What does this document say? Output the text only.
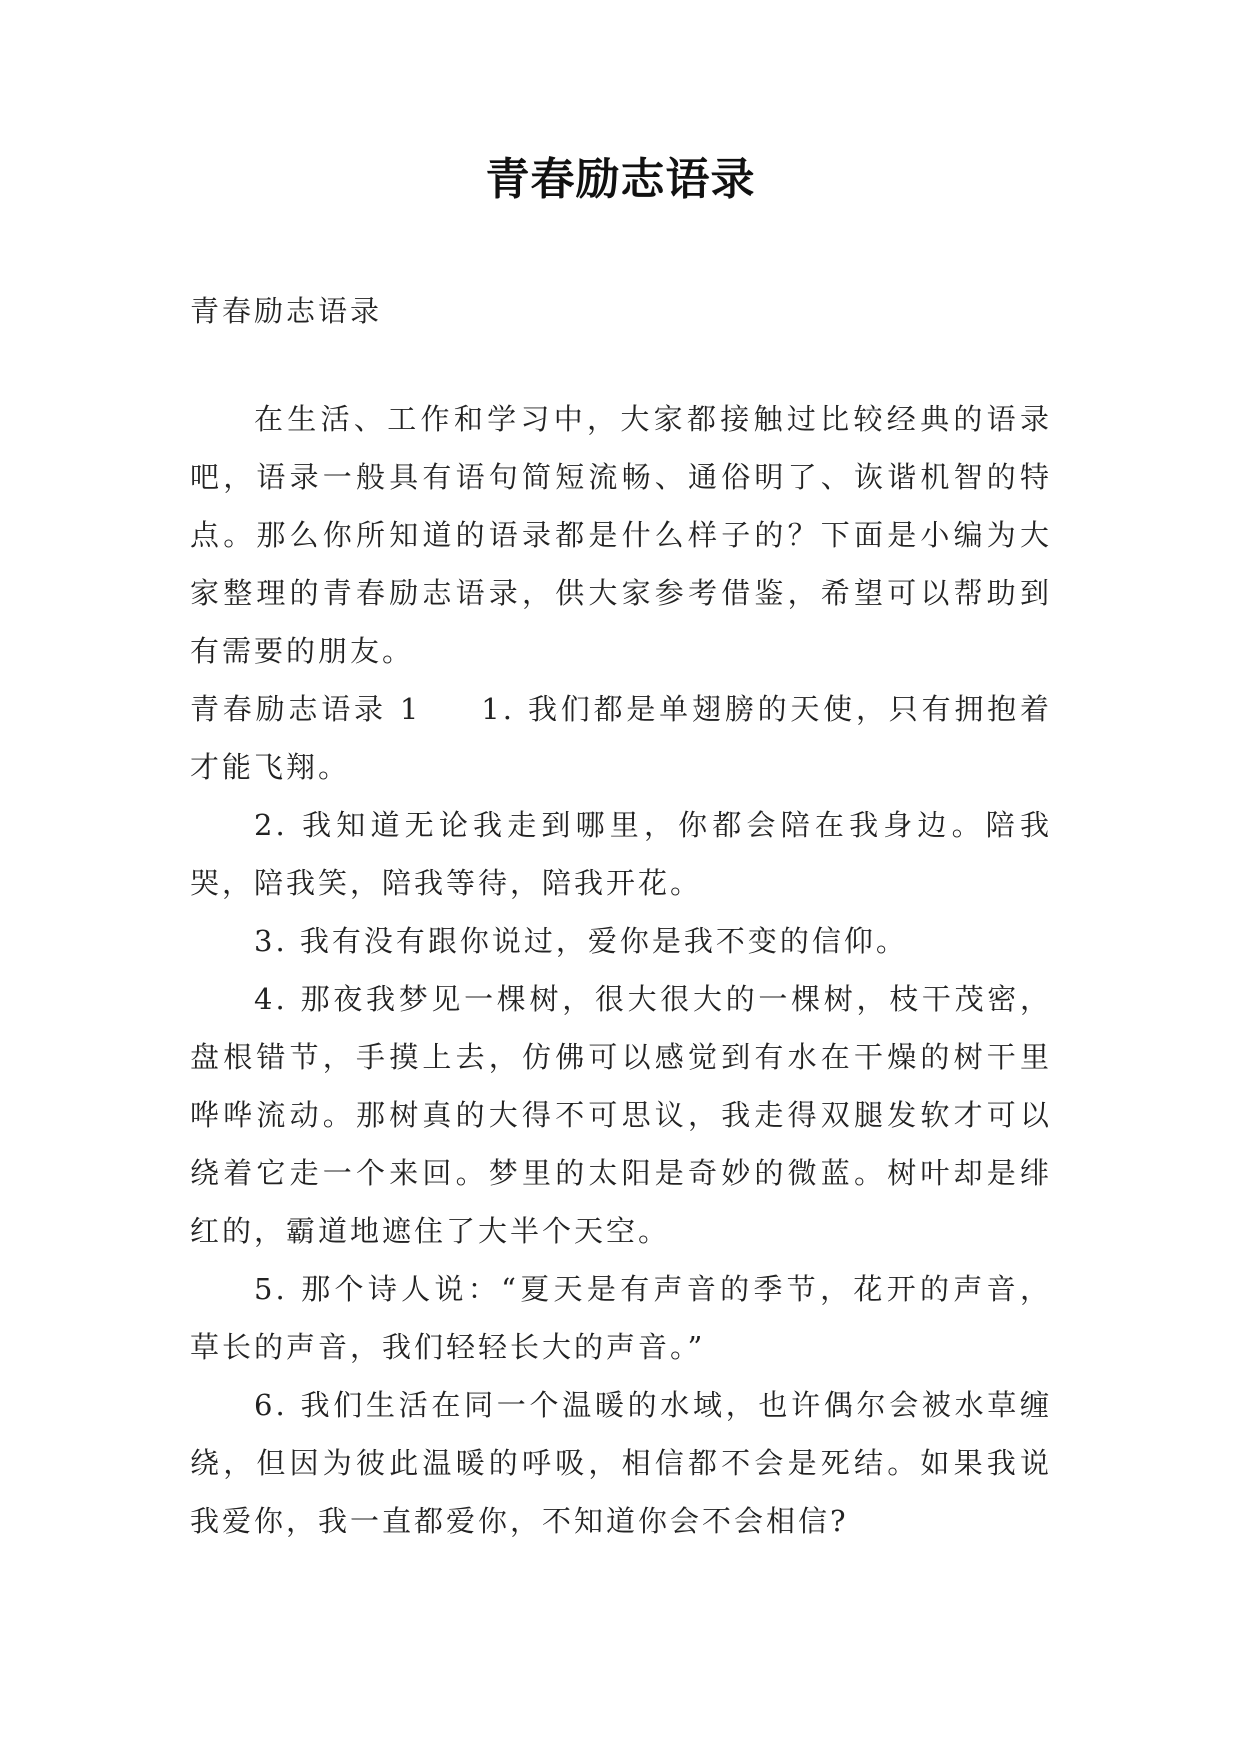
青春励志语录

青春励志语录

在生活、工作和学习中，大家都接触过比较经典的语录吧，语录一般具有语句简短流畅、通俗明了、诙谐机智的特点。那么你所知道的语录都是什么样子的？下面是小编为大家整理的青春励志语录，供大家参考借鉴，希望可以帮助到有需要的朋友。

青春励志语录 1 1. 我们都是单翅膀的天使，只有拥抱着才能飞翔。

2. 我知道无论我走到哪里，你都会陪在我身边。陪我哭，陪我笑，陪我等待，陪我开花。

3. 我有没有跟你说过，爱你是我不变的信仰。

4. 那夜我梦见一棵树，很大很大的一棵树，枝干茂密，盘根错节，手摸上去，仿佛可以感觉到有水在干燥的树干里哗哗流动。那树真的大得不可思议，我走得双腿发软才可以绕着它走一个来回。梦里的太阳是奇妙的微蓝。树叶却是绯红的，霸道地遮住了大半个天空。

5. 那个诗人说：“夏天是有声音的季节，花开的声音，草长的声音，我们轻轻长大的声音。”

6. 我们生活在同一个温暖的水域，也许偶尔会被水草缠绕，但因为彼此温暖的呼吸，相信都不会是死结。如果我说我爱你，我一直都爱你，不知道你会不会相信?
